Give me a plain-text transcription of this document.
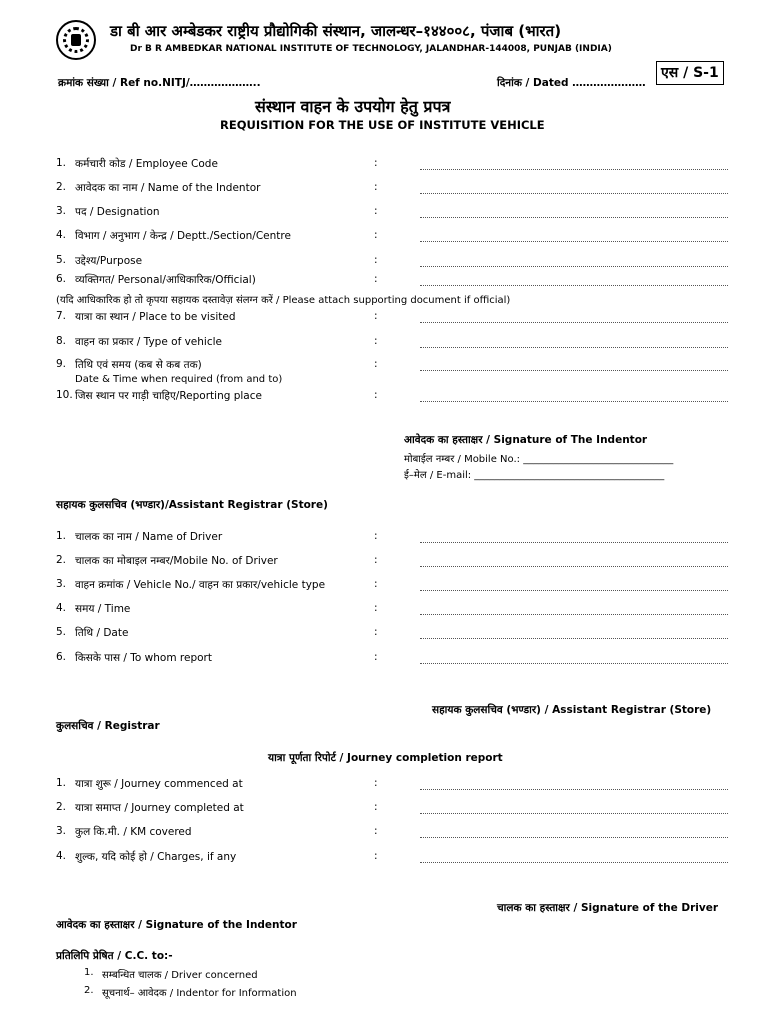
डा बी आर अम्बेडकर राष्ट्रीय प्रौद्योगिकी संस्थान, जालन्धर–१४४००८, पंजाब (भारत)
Dr B R AMBEDKAR NATIONAL INSTITUTE OF TECHNOLOGY, JALANDHAR-144008, PUNJAB (INDIA)
क्रमांक संख्या / Ref no.NITJ/………………..	दिनांक / Dated …………………
एस / S-1
संस्थान वाहन के उपयोग हेतु प्रपत्र
REQUISITION FOR THE USE OF INSTITUTE VEHICLE
1. कर्मचारी कोड / Employee Code	:
2. आवेदक का नाम / Name of the Indentor	:
3. पद / Designation	:
4. विभाग / अनुभाग / केन्द्र / Deptt./Section/Centre	:
5. उद्देश्य/Purpose	:
6. व्यक्तिगत/ Personal/आधिकारिक/Official)	:
7. यात्रा का स्थान / Place to be visited	:
8. वाहन का प्रकार / Type of vehicle	:
9. तिथि एवं समय (कब से कब तक)	:
10. जिस स्थान पर गाड़ी चाहिए/Reporting place	:
(यदि आधिकारिक हो तो कृपया सहायक दस्तावेज़ संलग्न करें / Please attach supporting document if official)
Date & Time when required (from and to)
आवेदक का हस्ताक्षर / Signature of The Indentor
मोबाईल नम्बर / Mobile No.: ______________________________
ई–मेल / E-mail: ______________________________________
सहायक कुलसचिव (भण्डार)/Assistant Registrar (Store)
1. चालक का नाम / Name of Driver	:
2. चालक का मोबाइल नम्बर/Mobile No. of Driver	:
3. वाहन क्रमांक / Vehicle No./ वाहन का प्रकार/vehicle type	:
4. समय / Time	:
5. तिथि / Date	:
6. किसके पास / To whom report	:
सहायक कुलसचिव (भण्डार) / Assistant Registrar (Store)
कुलसचिव / Registrar
यात्रा पूर्णता रिपोर्ट / Journey completion report
1. यात्रा शुरू / Journey commenced at	:
2. यात्रा समाप्त / Journey completed at	:
3. कुल कि.मी. / KM covered	:
4. शुल्क, यदि कोई हो / Charges, if any	:
चालक का हस्ताक्षर / Signature of the Driver
आवेदक का हस्ताक्षर / Signature of the Indentor
प्रतिलिपि प्रेषित / C.C. to:-
1. सम्बन्धित चालक / Driver concerned
2. सूचनार्थ– आवेदक / Indentor for Information
